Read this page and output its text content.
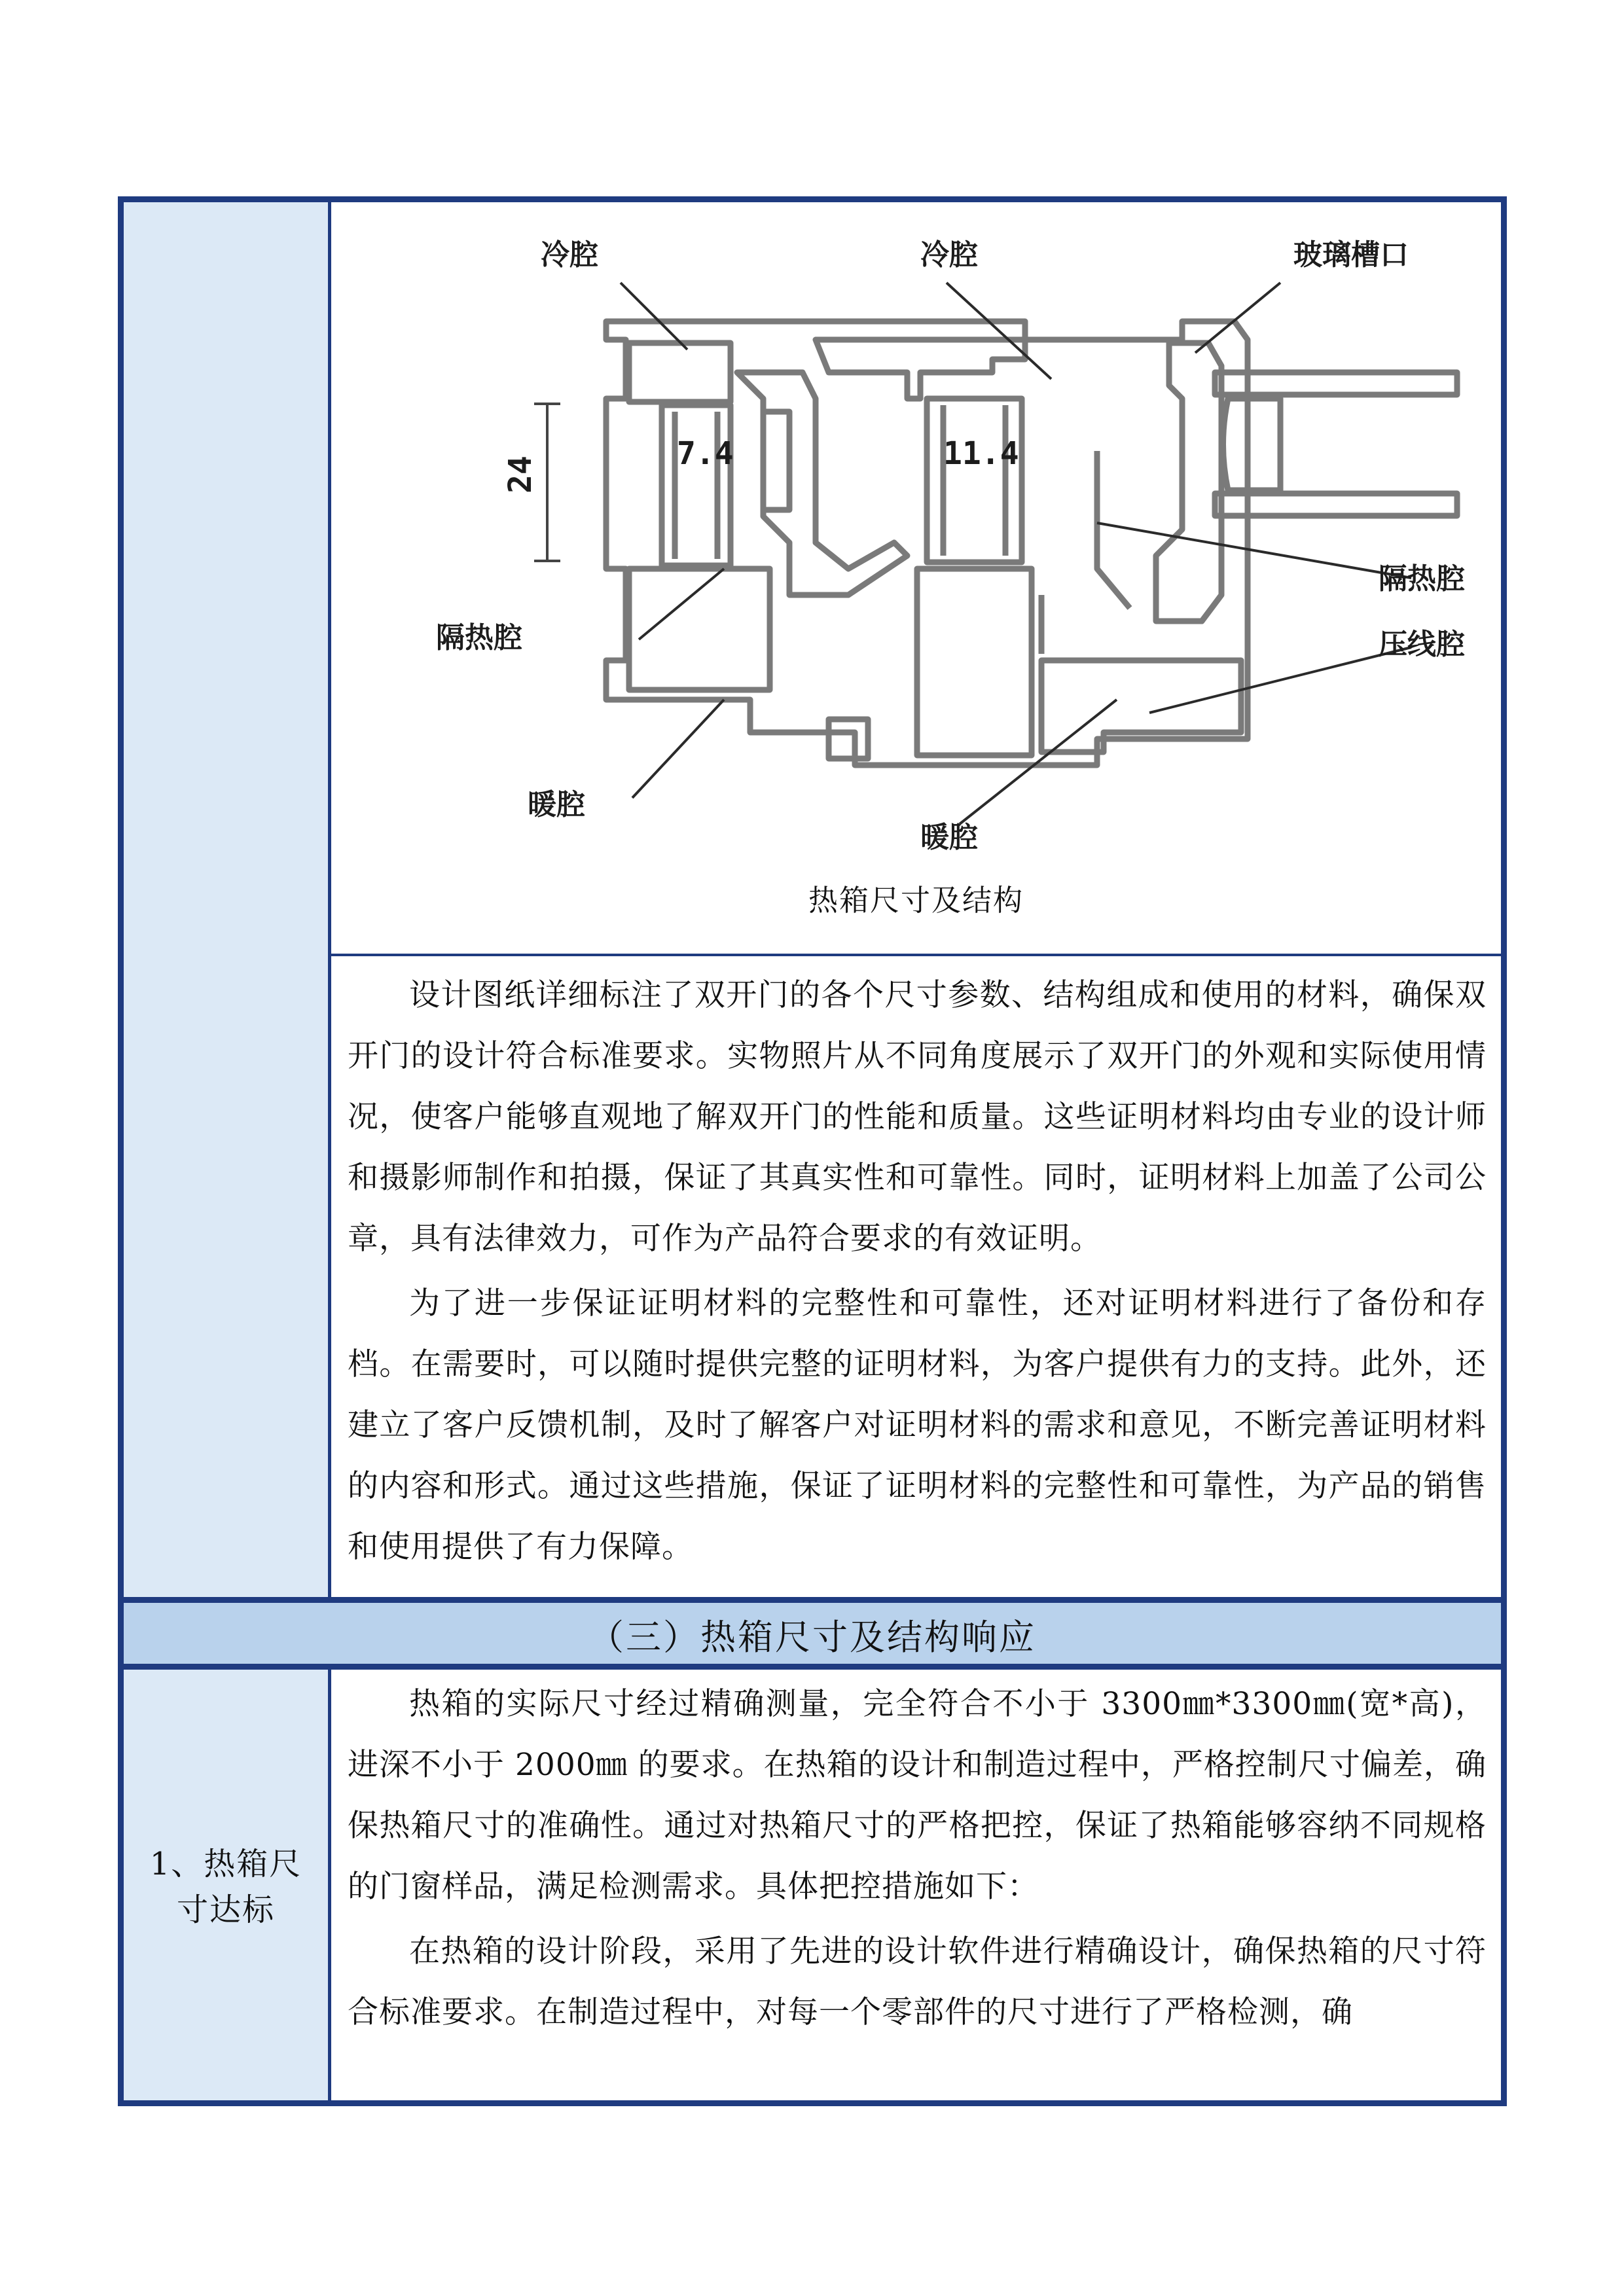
冷腔	冷腔	玻璃槽口
隔热腔
压线腔
隔热腔
暖腔
暖腔
24
7.4	11.4
热箱尺寸及结构

设计图纸详细标注了双开门的各个尺寸参数、结构组成和使用的材料，确保双开门的设计符合标准要求。实物照片从不同角度展示了双开门的外观和实际使用情况，使客户能够直观地了解双开门的性能和质量。这些证明材料均由专业的设计师和摄影师制作和拍摄，保证了其真实性和可靠性。同时，证明材料上加盖了公司公章，具有法律效力，可作为产品符合要求的有效证明。

为了进一步保证证明材料的完整性和可靠性，还对证明材料进行了备份和存档。在需要时，可以随时提供完整的证明材料，为客户提供有力的支持。此外，还建立了客户反馈机制，及时了解客户对证明材料的需求和意见，不断完善证明材料的内容和形式。通过这些措施，保证了证明材料的完整性和可靠性，为产品的销售和使用提供了有力保障。

（三）热箱尺寸及结构响应
1、热箱尺
寸达标

热箱的实际尺寸经过精确测量，完全符合不小于 3300㎜*3300㎜(宽*高)，进深不小于 2000㎜ 的要求。在热箱的设计和制造过程中，严格控制尺寸偏差，确保热箱尺寸的准确性。通过对热箱尺寸的严格把控，保证了热箱能够容纳不同规格的门窗样品，满足检测需求。具体把控措施如下：

在热箱的设计阶段，采用了先进的设计软件进行精确设计，确保热箱的尺寸符合标准要求。在制造过程中，对每一个零部件的尺寸进行了严格检测，确
